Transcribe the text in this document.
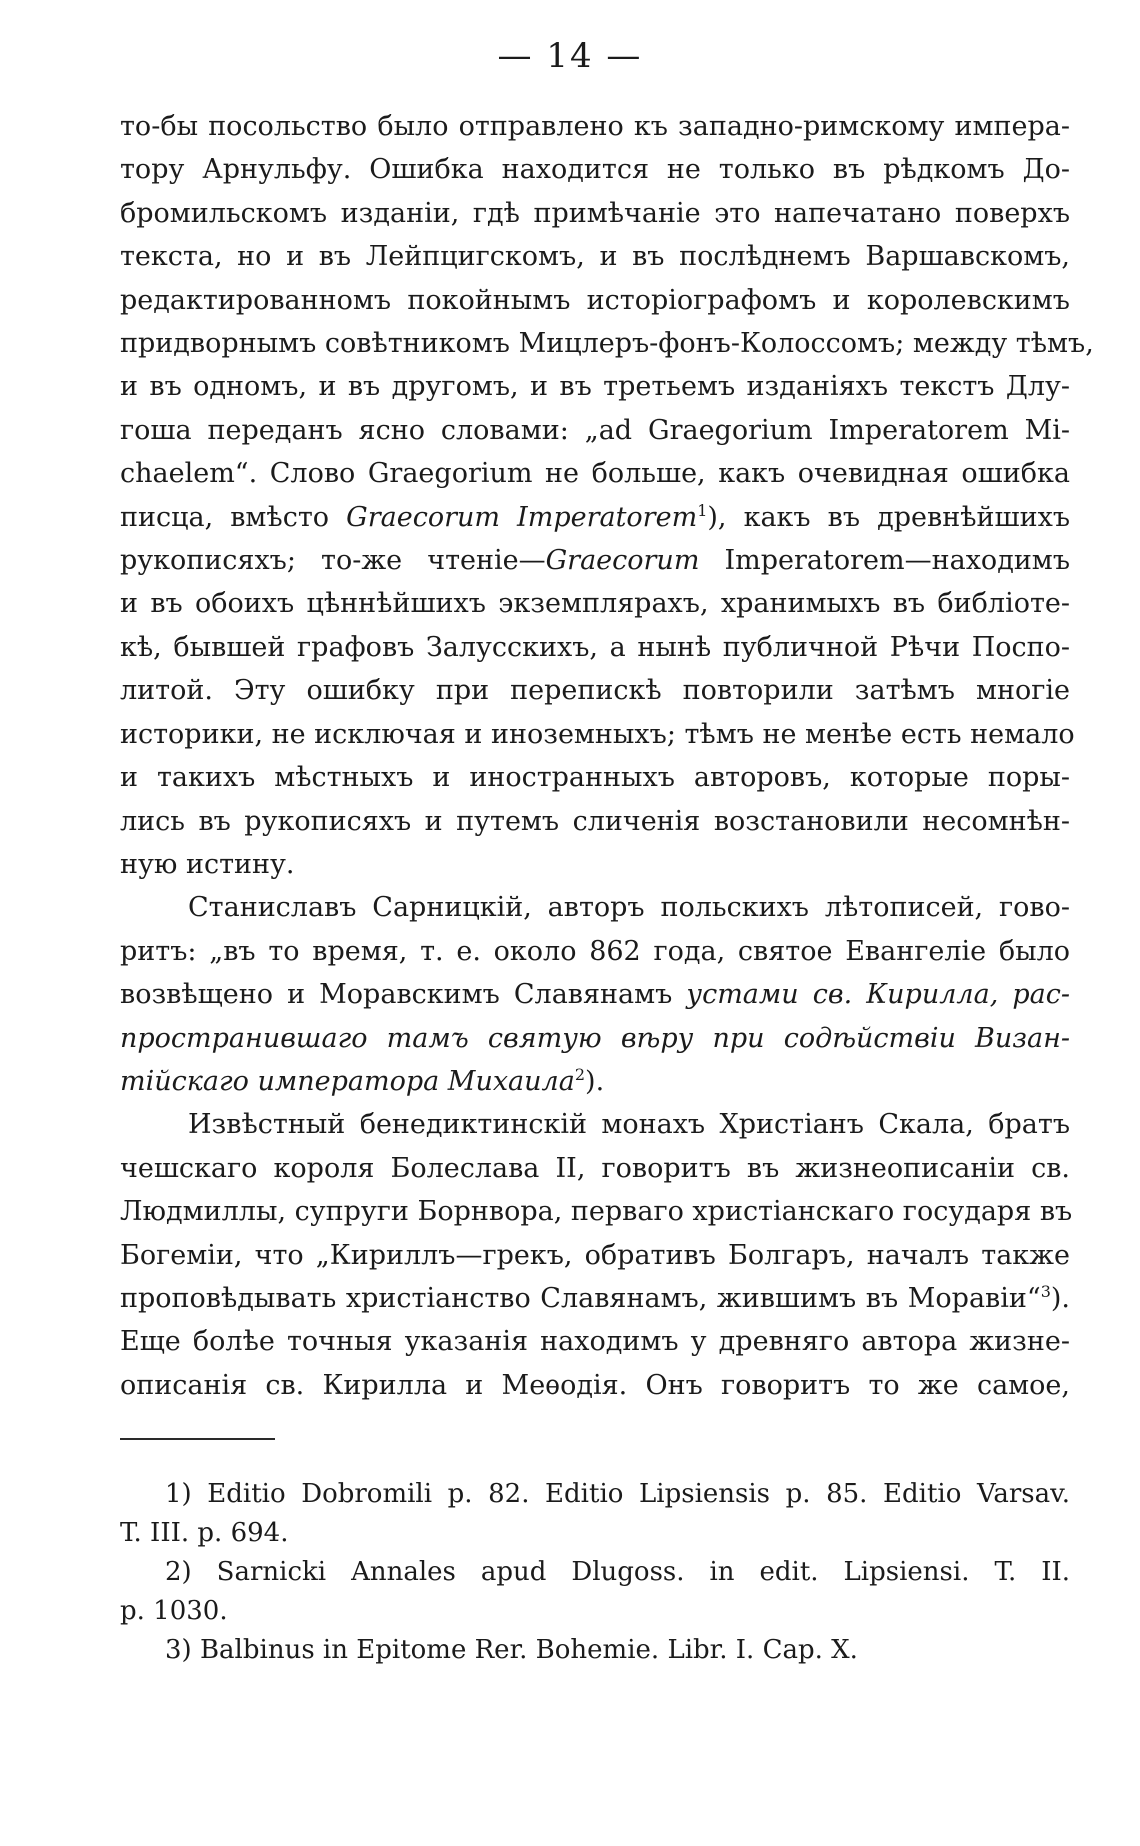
— 14 —
то-бы посольство было отправлено къ западно-римскому импера-
тору Арнульфу. Ошибка находится не только въ рѣдкомъ До-
бромильскомъ изданіи, гдѣ примѣчаніе это напечатано поверхъ
текста, но и въ Лейпцигскомъ, и въ послѣднемъ Варшавскомъ,
редактированномъ покойнымъ исторіографомъ и королевскимъ
придворнымъ совѣтникомъ Мицлеръ-фонъ-Колоссомъ; между тѣмъ,
и въ одномъ, и въ другомъ, и въ третьемъ изданіяхъ текстъ Длу-
гоша переданъ ясно словами: „ad Graegorium Imperatorem Mi-
chaelem“. Слово Graegorium не больше, какъ очевидная ошибка
писца, вмѣсто Graecorum Imperatorem$^1$), какъ въ древнѣйшихъ
рукописяхъ; то-же чтеніе—Graecorum Imperatorem—находимъ
и въ обоихъ цѣннѣйшихъ экземплярахъ, хранимыхъ въ библіоте-
кѣ, бывшей графовъ Залусскихъ, а нынѣ публичной Рѣчи Поспо-
литой. Эту ошибку при перепискѣ повторили затѣмъ многіе
историки, не исключая и иноземныхъ; тѣмъ не менѣе есть немало
и такихъ мѣстныхъ и иностранныхъ авторовъ, которые поры-
лись въ рукописяхъ и путемъ сличенія возстановили несомнѣн-
ную истину.
Станиславъ Сарницкій, авторъ польскихъ лѣтописей, гово-
ритъ: „въ то время, т. е. около 862 года, святое Евангеліе было
возвѣщено и Моравскимъ Славянамъ устами св. Кирилла, рас-
пространившаго тамъ святую вѣру при содѣйствіи Визан-
тійскаго императора Михаила$^2$).
Извѣстный бенедиктинскій монахъ Христіанъ Скала, братъ
чешскаго короля Болеслава II, говоритъ въ жизнеописаніи св.
Людмиллы, супруги Борнвора, перваго христіанскаго государя въ
Богеміи, что „Кириллъ—грекъ, обративъ Болгаръ, началъ также
проповѣдывать христіанство Славянамъ, жившимъ въ Моравіи“$^3$).
Еще болѣе точныя указанія находимъ у древняго автора жизне-
описанія св. Кирилла и Меѳодія. Онъ говоритъ то же самое,
1) Editio Dobromili p. 82. Editio Lipsiensis p. 85. Editio Varsav.
T. III. p. 694.
2) Sarnicki Annales apud Dlugoss. in edit. Lipsiensi. T. II.
p. 1030.
3) Balbinus in Epitome Rer. Bohemie. Libr. I. Cap. X.
